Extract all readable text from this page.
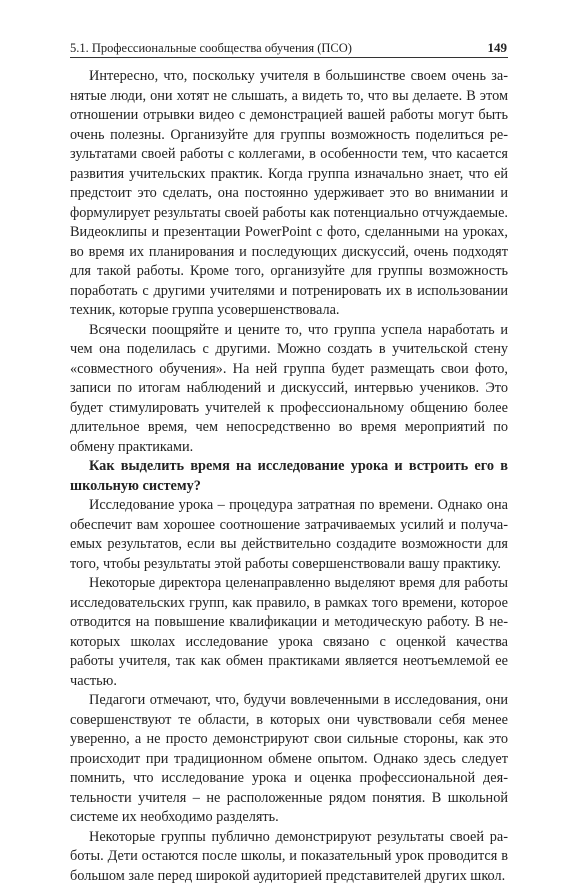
5.1. Профессиональные сообщества обучения (ПСО)	149

Интересно, что, поскольку учителя в большинстве своем очень занятые люди, они хотят не слышать, а видеть то, что вы делаете. В этом отношении отрывки видео с демонстрацией вашей работы могут быть очень полезны. Организуйте для группы возможность поделиться результатами своей работы с коллегами, в особенности тем, что касается развития учительских практик. Когда группа изначально знает, что ей предстоит это сделать, она постоянно удерживает это во внимании и формулирует результаты своей работы как потенциально отчуждаемые. Видеоклипы и презентации PowerPoint с фото, сделанными на уроках, во время их планирования и последующих дискуссий, очень подходят для такой работы. Кроме того, организуйте для группы возможность поработать с другими учителями и потренировать их в использовании техник, которые группа усовершенствовала.

Всячески поощряйте и цените то, что группа успела наработать и чем она поделилась с другими. Можно создать в учительской стену «совместного обучения». На ней группа будет размещать свои фото, записи по итогам наблюдений и дискуссий, интервью учеников. Это будет стимулировать учителей к профессиональному общению более длительное время, чем непосредственно во время мероприятий по обмену практиками.

Как выделить время на исследование урока и встроить его в школьную систему?

Исследование урока – процедура затратная по времени. Однако она обеспечит вам хорошее соотношение затрачиваемых усилий и получаемых результатов, если вы действительно создадите возможности для того, чтобы результаты этой работы совершенствовали вашу практику.

Некоторые директора целенаправленно выделяют время для работы исследовательских групп, как правило, в рамках того времени, которое отводится на повышение квалификации и методическую работу. В некоторых школах исследование урока связано с оценкой качества работы учителя, так как обмен практиками является неотъемлемой ее частью.

Педагоги отмечают, что, будучи вовлеченными в исследования, они совершенствуют те области, в которых они чувствовали себя менее уверенно, а не просто демонстрируют свои сильные стороны, как это происходит при традиционном обмене опытом. Однако здесь следует помнить, что исследование урока и оценка профессиональной деятельности учителя – не расположенные рядом понятия. В школьной системе их необходимо разделять.

Некоторые группы публично демонстрируют результаты своей работы. Дети остаются после школы, и показательный урок проводится в большом зале перед широкой аудиторией представителей других школ.
